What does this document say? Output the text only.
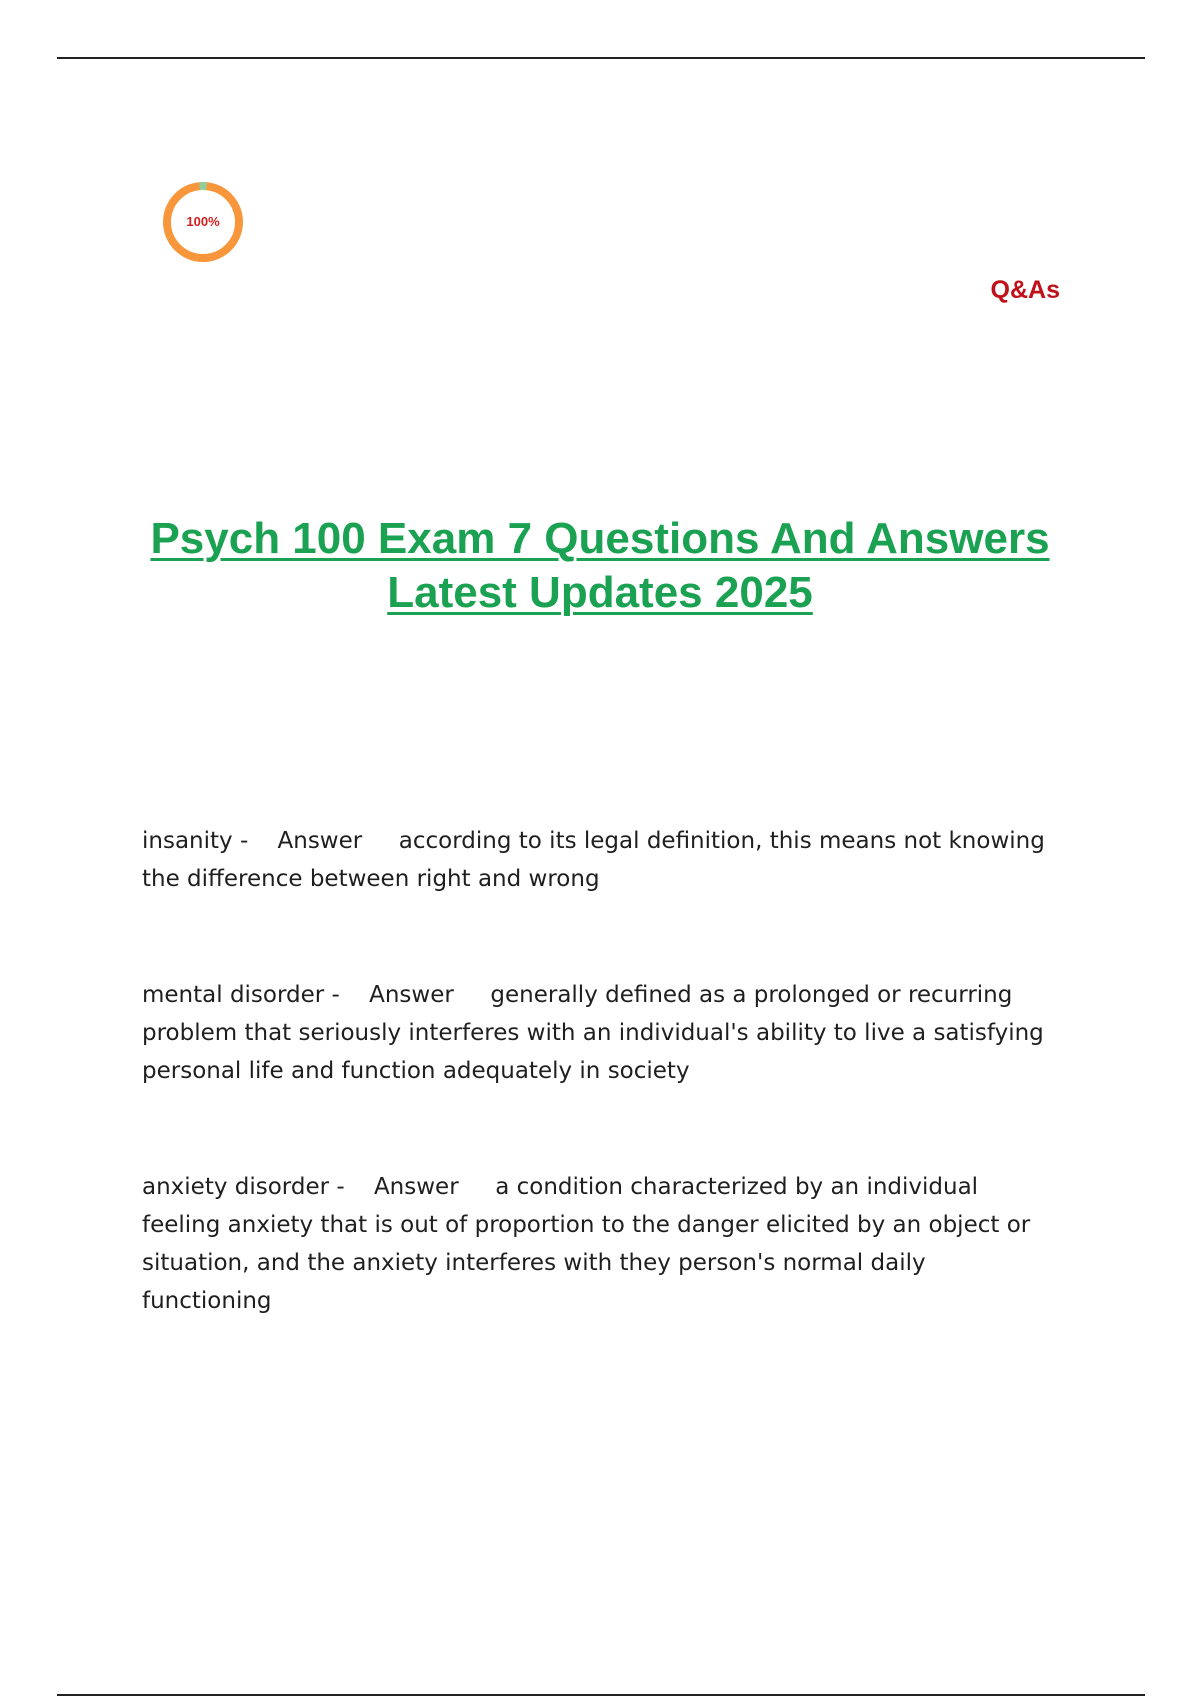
100%
Q&As
Psych 100 Exam 7 Questions And Answers Latest Updates 2025

insanity -    Answer according to its legal definition, this means not knowing the difference between right and wrong

mental disorder -    Answer generally defined as a prolonged or recurring problem that seriously interferes with an individual's ability to live a satisfying personal life and function adequately in society

anxiety disorder -    Answer a condition characterized by an individual feeling anxiety that is out of proportion to the danger elicited by an object or situation, and the anxiety interferes with they person's normal daily functioning
